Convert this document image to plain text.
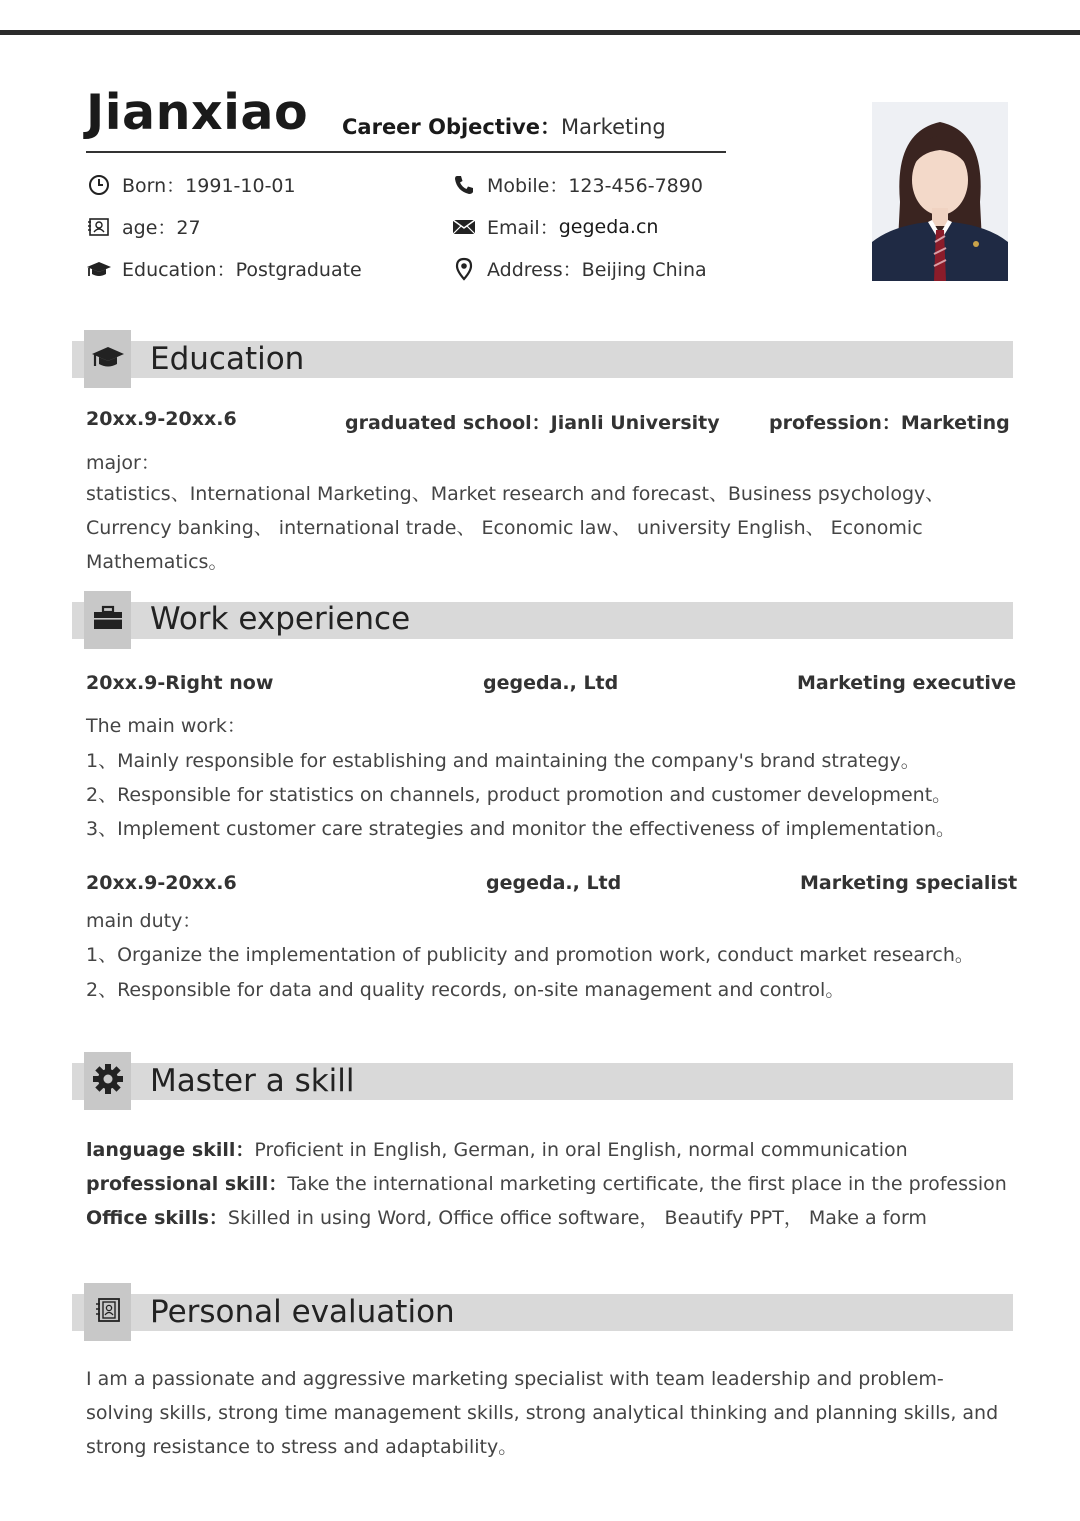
Jianxiao Career Objective：Marketing
Born：1991-10-01
age：27
Education：Postgraduate
Mobile：123-456-7890
Email： gegeda.cn
Address：Beijing China
Education
20xx.9-20xx.6	graduated school：Jianli University	profession：Marketing
major：
statistics、International Marketing、Market research and forecast、Business psychology、Currency banking、 international trade、 Economic law、 university English、 Economic Mathematics。
Work experience
20xx.9-Right now	gegeda., Ltd	Marketing executive
The main work：
1、Mainly responsible for establishing and maintaining the company's brand strategy。
2、Responsible for statistics on channels, product promotion and customer development。
3、Implement customer care strategies and monitor the effectiveness of implementation。
20xx.9-20xx.6	gegeda., Ltd	Marketing specialist
main duty：
1、Organize the implementation of publicity and promotion work, conduct market research。
2、Responsible for data and quality records, on-site management and control。
Master a skill
language skill：Proficient in English, German, in oral English, normal communication
professional skill：Take the international marketing certificate, the first place in the profession
Office skills：Skilled in using Word, Office office software， Beautify PPT， Make a form
Personal evaluation
I am a passionate and aggressive marketing specialist with team leadership and problem-solving skills, strong time management skills, strong analytical thinking and planning skills, and strong resistance to stress and adaptability。
